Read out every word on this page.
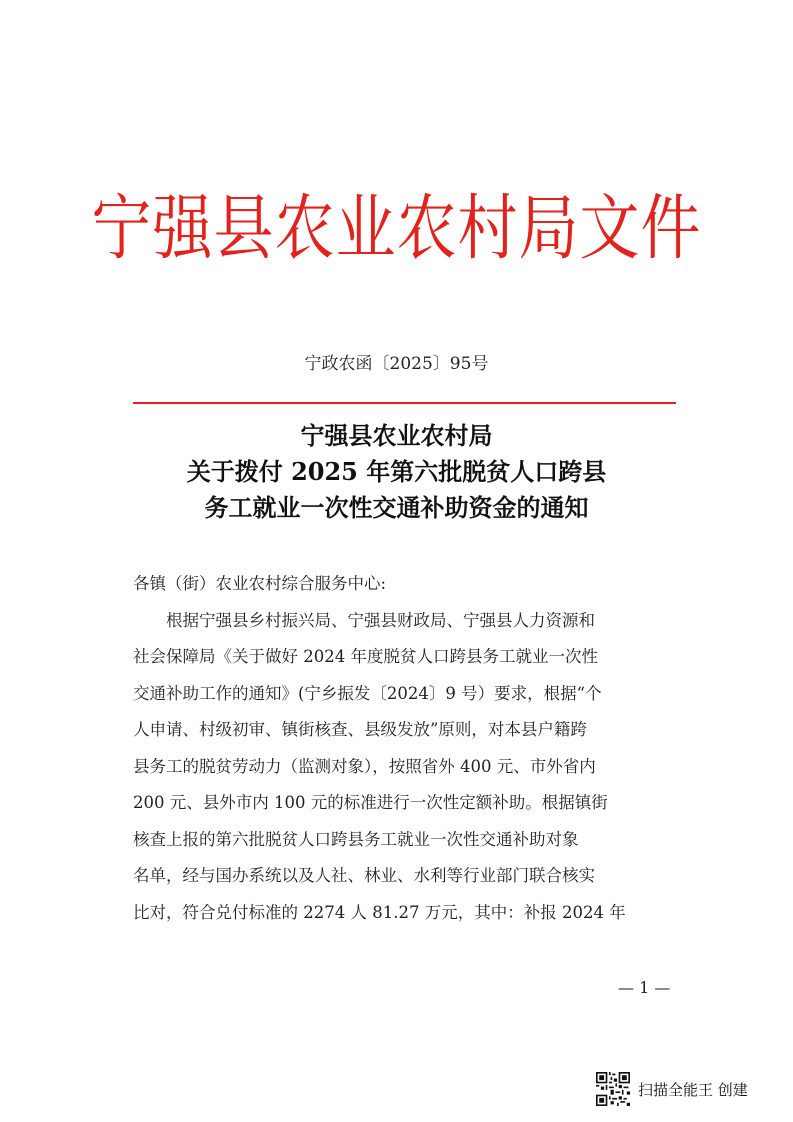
宁强县农业农村局文件
宁政农函〔2025〕95号
宁强县农业农村局
关于拨付 2025 年第六批脱贫人口跨县
务工就业一次性交通补助资金的通知
各镇（街）农业农村综合服务中心:
根据宁强县乡村振兴局、宁强县财政局、宁强县人力资源和
社会保障局《关于做好 2024 年度脱贫人口跨县务工就业一次性
交通补助工作的通知》(宁乡振发〔2024〕9 号）要求，根据“个
人申请、村级初审、镇街核查、县级发放”原则，对本县户籍跨
县务工的脱贫劳动力（监测对象），按照省外 400 元、市外省内
200 元、县外市内 100 元的标准进行一次性定额补助。根据镇街
核查上报的第六批脱贫人口跨县务工就业一次性交通补助对象
名单，经与国办系统以及人社、林业、水利等行业部门联合核实
比对，符合兑付标准的 2274 人 81.27 万元，其中：补报 2024 年
— 1 —
扫描全能王 创建
